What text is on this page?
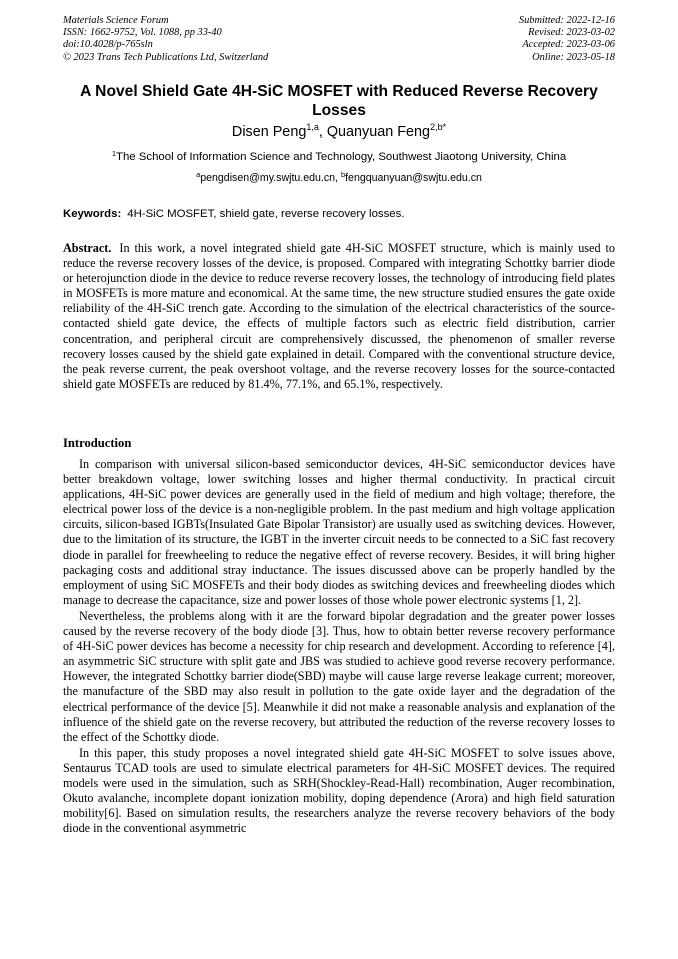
Materials Science Forum
ISSN: 1662-9752, Vol. 1088, pp 33-40
doi:10.4028/p-765sln
© 2023 Trans Tech Publications Ltd, Switzerland
Submitted: 2022-12-16
Revised: 2023-03-02
Accepted: 2023-03-06
Online: 2023-05-18
A Novel Shield Gate 4H-SiC MOSFET with Reduced Reverse Recovery Losses
Disen Peng$^{1,a}$, Quanyuan Feng$^{2,b*}$
$^1$The School of Information Science and Technology, Southwest Jiaotong University, China
$^a$pengdisen@my.swjtu.edu.cn, $^b$fengquanyuan@swjtu.edu.cn
Keywords: 4H-SiC MOSFET, shield gate, reverse recovery losses.

Abstract. In this work, a novel integrated shield gate 4H-SiC MOSFET structure, which is mainly used to reduce the reverse recovery losses of the device, is proposed. Compared with integrating Schottky barrier diode or heterojunction diode in the device to reduce reverse recovery losses, the technology of introducing field plates in MOSFETs is more mature and economical. At the same time, the new structure studied ensures the gate oxide reliability of the 4H-SiC trench gate. According to the simulation of the electrical characteristics of the source-contacted shield gate device, the effects of multiple factors such as electric field distribution, carrier concentration, and peripheral circuit are comprehensively discussed, the phenomenon of smaller reverse recovery losses caused by the shield gate explained in detail. Compared with the conventional structure device, the peak reverse current, the peak overshoot voltage, and the reverse recovery losses for the source-contacted shield gate MOSFETs are reduced by 81.4%, 77.1%, and 65.1%, respectively.

Introduction

In comparison with universal silicon-based semiconductor devices, 4H-SiC semiconductor devices have better breakdown voltage, lower switching losses and higher thermal conductivity. In practical circuit applications, 4H-SiC power devices are generally used in the field of medium and high voltage; therefore, the electrical power loss of the device is a non-negligible problem. In the past medium and high voltage application circuits, silicon-based IGBTs(Insulated Gate Bipolar Transistor) are usually used as switching devices. However, due to the limitation of its structure, the IGBT in the inverter circuit needs to be connected to a SiC fast recovery diode in parallel for freewheeling to reduce the negative effect of reverse recovery. Besides, it will bring higher packaging costs and additional stray inductance. The issues discussed above can be properly handled by the employment of using SiC MOSFETs and their body diodes as switching devices and freewheeling diodes which manage to decrease the capacitance, size and power losses of those whole power electronic systems [1, 2].

Nevertheless, the problems along with it are the forward bipolar degradation and the greater power losses caused by the reverse recovery of the body diode [3]. Thus, how to obtain better reverse recovery performance of 4H-SiC power devices has become a necessity for chip research and development. According to reference [4], an asymmetric SiC structure with split gate and JBS was studied to achieve good reverse recovery performance. However, the integrated Schottky barrier diode(SBD) maybe will cause large reverse leakage current; moreover, the manufacture of the SBD may also result in pollution to the gate oxide layer and the degradation of the electrical performance of the device [5]. Meanwhile it did not make a reasonable analysis and explanation of the influence of the shield gate on the reverse recovery, but attributed the reduction of the reverse recovery losses to the effect of the Schottky diode.

In this paper, this study proposes a novel integrated shield gate 4H-SiC MOSFET to solve issues above, Sentaurus TCAD tools are used to simulate electrical parameters for 4H-SiC MOSFET devices. The required models were used in the simulation, such as SRH(Shockley-Read-Hall) recombination, Auger recombination, Okuto avalanche, incomplete dopant ionization mobility, doping dependence (Arora) and high field saturation mobility[6]. Based on simulation results, the researchers analyze the reverse recovery behaviors of the body diode in the conventional asymmetric
